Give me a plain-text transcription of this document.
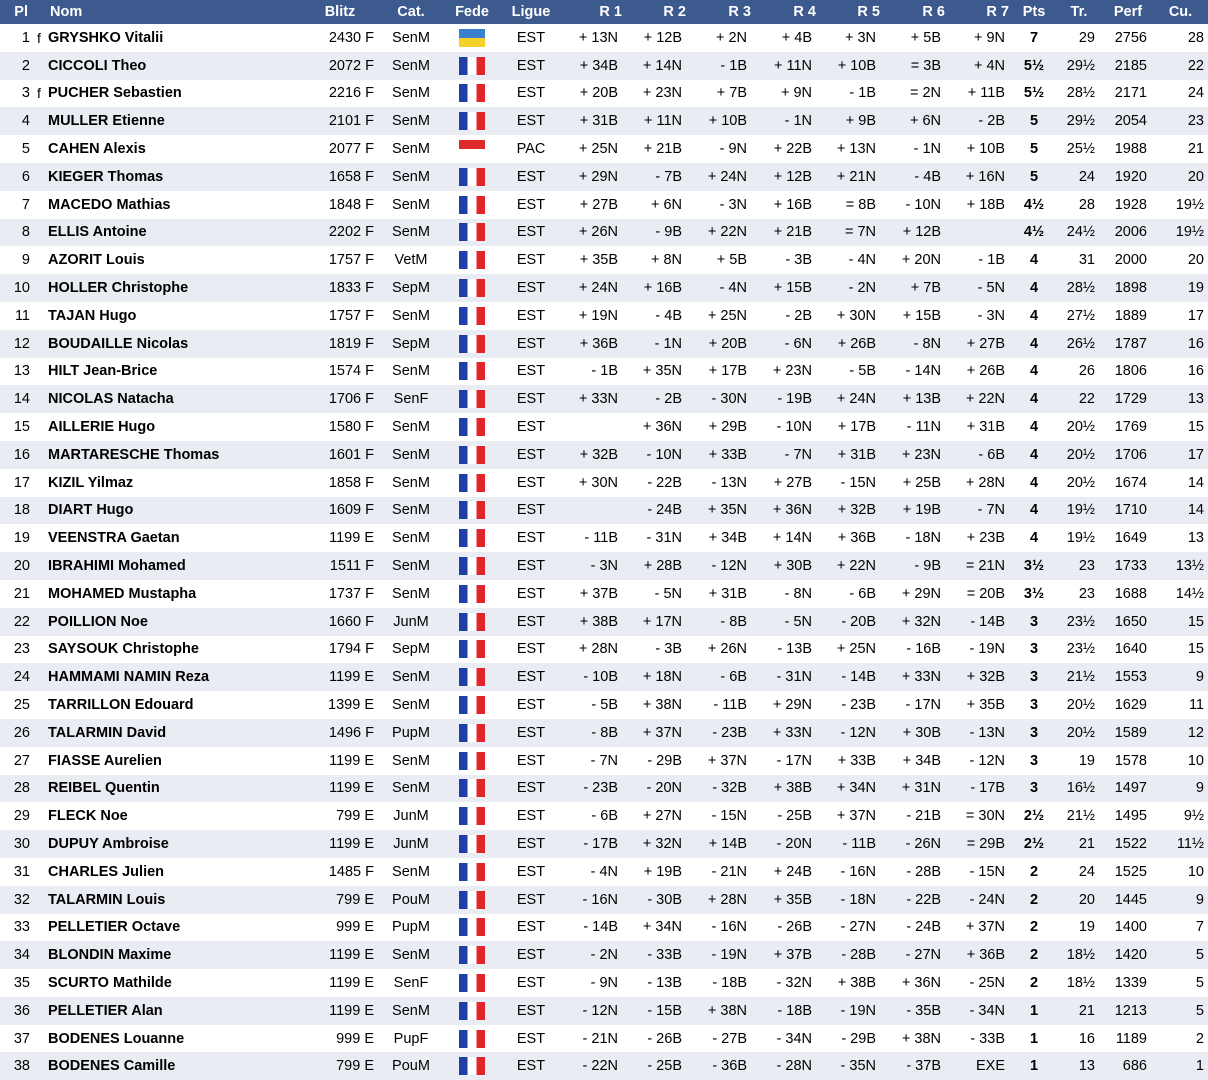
Pl		Nom	Blitz	Cat.	Fede	Ligue	R 1	R 2	R 3	R 4	R 5	R 6	R 7	Pts	Tr.	Perf	Cu.
1	f	GRYSHKO Vitalii	2430 F	SenM		EST	+ 13N	+ 12B	+ 2N	+ 4B	+ 3N	+ 5B	+ 9N	7	29	2756	28
2		CICCOLI Theo	2072 F	SenM		EST	+ 34B	+ 14N	- 1B	+ 11N	+ 10B	= 3B	+ 4N	5½	29½	2185	22
3	f	PUCHER Sebastien	2216 F	SenM		EST	+ 20B	+ 23N	+ 7B	+ 9N	- 1B	= 2N	+ 11B	5½	28½	2171	24
4		MULLER Etienne	2101 F	SenM		EST	+ 31B	+ 11N	+ 10B	- 1N	+ 9B	+ 6N	- 2B	5	29½	2054	23
5		CAHEN Alexis	2077 F	SenM		PAC	+ 25N	+ 21B	- 9N	+ 22B	+ 13N	- 1N	+ 10B	5	25½	1988	21
6		KIEGER Thomas	1658 F	SenM		EST	+ 29N	- 7B	+ 24N	+ 12B	+ 21N	- 4B	+ 16N	5	24	1920	20
7		MACEDO Mathias	1848 F	SenM		EST	+ 27B	+ 6N	- 3N	+ 16B	= 8B	- 10N	+ 18B	4½	28	1928	19½
8		ELLIS Antoine	2202 F	SenM		EST	+ 26N	- 9B	+ 22N	+ 21B	= 7N	+ 12B		4½	24½	2006	19½
9		AZORIT Louis	1757 F	VetM		EST	+ 35B	+ 8N	+ 5B	- 3B	- 4N	+ 20N	- 1B	4	31	2000	20
10		HOLLER Christophe	1833 F	SepM		EST	+ 24N	+ 16B	- 4N	+ 15B	- 2N	+ 7B	- 5N	4	28½	1898	19
11		TAJAN Hugo	1757 F	SenM		EST	+ 19N	- 4B	+ 25N	- 2B	+ 30N	+ 15B	- 3N	4	27½	1889	17
12		BOUDAILLE Nicolas	1819 F	SepM		EST	+ 36B	- 1N	+ 20B	- 6N	+ 26B	- 8N	+ 27B	4	26½	1787	16
13		HILT Jean-Brice	1574 F	SenM		EST	- 1B	+ 35N	+ 17B	+ 23N	- 5B	- 14N	+ 26B	4	26	1806	16
14		NICOLAS Natacha	1706 F	SenF		EST	+ 33N	- 2B	- 30N	- 19B	+ 24N	+ 13B	+ 22N	4	22	1729	13
15		AILLERIE Hugo	1580 F	SenM		EST		+ 36N	+ 29B	- 10N	+ 17B	- 11N	+ 31B	4	20½	1769	15
16		MARTARESCHE Thomas	1601 F	SenM		EST	+ 32B	- 10N	+ 33B	- 7N	+ 31B	+ 23N	- 6B	4	20½	1706	17
17		KIZIL Yilmaz	1858 F	SenM		EST	+ 30N	- 22B	- 13N	+ 27B	- 15N	+ 25B	+ 28N	4	20½	1674	14
18		DIART Hugo	1609 F	SenM		EST		- 24B	+ 35N	+ 36N	+ 32B	+ 19B	- 7N	4	19½	1710	14
19		VEENSTRA Gaetan	1199 E	SenM		EST	- 11B	- 31N	+ 34B	+ 14N	+ 36B	- 18N	+ 23B	4	19½	1649	13
20		IBRAHIMI Mohamed	1511 F	SenM		EST	- 3N	+ 28B	- 12N	+ 30B	+ 22N	- 9B	= 21N	3½	23	1733	13½
21		MOHAMED Mustapha	1737 F	SenM		EST	+ 37B	- 5N	+ 31B	- 8N	- 6B	+ 29N	= 20B	3½	23	1688	14½
22		POILLION Noe	1660 F	JunM		EST	+ 38B	+ 17N	- 8B	- 5N	- 20B	+ 32N	- 14B	3	23½	1650	15
23		SAYSOUK Christophe	1794 F	SepM		EST	+ 28N	- 3B	+ 26N	- 13B	+ 25N	- 16B	- 19N	3	23½	1640	15
24		HAMMAMI NAMIN Reza	1199 E	SenM		EST	- 10B	+ 18N	- 6B	- 31N	- 14B	+ 33N	+ 32B	3	21½	1553	9
25		TARRILLON Edouard	1399 E	SenM		EST	- 5B	+ 38N	- 11B	+ 29N	- 23B	- 17N	+ 35B	3	20½	1629	11
26		TALARMIN David	1496 F	PupM		EST	- 8B	+ 37N	- 23B	+ 33N	- 12N	+ 30B	- 13N	3	20½	1589	12
27		FIASSE Aurelien	1199 E	SenM		EST	- 7N	- 29B	+ 37N	- 17N	+ 33B	+ 34B	- 12N	3	19	1578	10
28		REIBEL Quentin	1199 E	SenM		EST	- 23B	- 20N	- 32B	+ 38B	+ 34N	+ 31N	- 17B	3	16½	1497	9
29		FLECK Noe	799 E	JunM		EST	- 6B	+ 27N	- 15N	- 25B	+ 37N	- 21B	= 30N	2½	21½	1495	9½
30		DUPUY Ambroise	1199 E	JunM		EST	- 17B	+ 32N	+ 14B	- 20N	- 11B	- 26N	= 29B	2½	21	1522	11½
31		CHARLES Julien	1485 F	SenM		EST	- 4N	+ 19B	- 21N	+ 24B	- 16N	- 28B	- 15N	2	24	1525	10
32		TALARMIN Louis	799 E	PouM		EST	- 16N	- 30B	+ 28N	+ 35B	- 18N	- 22B	- 24N	2	20	1445	9
33		PELLETIER Octave	999 E	PupM		EST	- 14B	+ 34N	- 16N	- 26B	- 27N	- 24B	+ 37N	2	19	1400	7
34		BLONDIN Maxime	1199 E	SenM		EST	- 2N	- 33B	- 19N	+ 37B	- 28B	- 27N	+ 36B	2	18½	1420	5
35		SCURTO Mathilde	1199 E	SenF		EST	- 9N	- 13B	- 18B	- 32N	+ 38B	+ 36N	- 25N	2	18½	1339	5
36		PELLETIER Alan	1199 E	SenM		EST	- 12N	- 15B	+ 38N	- 18B	- 19N	- 35B	- 34N	1	21	1213	5
37		BODENES Louanne	999 E	PupF		EST	- 21N	- 26B	- 27B	- 34N	- 29B	+ 38N	- 33B	1	16	1189	2
38		BODENES Camille	799 E	PouM		EST	- 22N	- 25B	- 36B	- 28N	- 35N	- 37B	EXE	1	13	686	1
